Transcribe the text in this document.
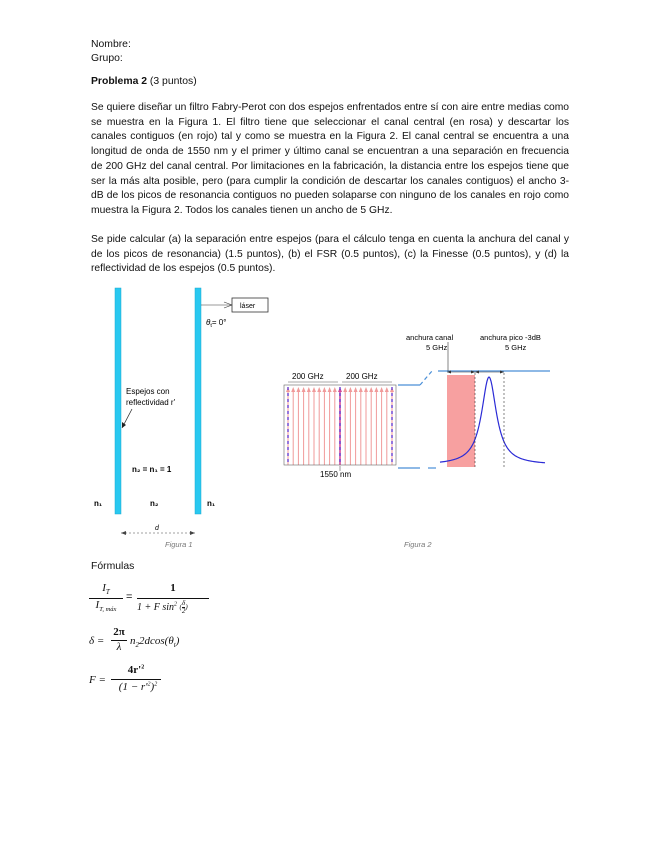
Nombre:
Grupo:
Problema 2 (3 puntos)
Se quiere diseñar un filtro Fabry-Perot con dos espejos enfrentados entre sí con aire entre medias como se muestra en la Figura 1. El filtro tiene que seleccionar el canal central (en rosa) y descartar los canales contiguos (en rojo) tal y como se muestra en la Figura 2. El canal central se encuentra a una longitud de onda de 1550 nm y el primer y último canal se encuentran a una separación en frecuencia de 200 GHz del canal central. Por limitaciones en la fabricación, la distancia entre los espejos tiene que ser la más alta posible, pero (para cumplir la condición de descartar los canales contiguos) el ancho 3-dB de los picos de resonancia contiguos no pueden solaparse con ninguno de los canales en rojo como muestra la Figura 2. Todos los canales tienen un ancho de 5 GHz.
Se pide calcular (a) la separación entre espejos (para el cálculo tenga en cuenta la anchura del canal y de los picos de resonancia) (1.5 puntos), (b) el FSR (0.5 puntos), (c) la Finesse (0.5 puntos), y (d) la reflectividad de los espejos (0.5 puntos).
láser
$\theta_t= 0^\circ$
Espejos con
reflectividad r'
n₂ = n₁ = 1
n₁	n₂	n₁
d
Figura 1
200 GHz	200 GHz
1550 nm
anchura canal
5 GHz
anchura pico -3dB
5 GHz
Figura 2
Fórmulas
$I_T$
$I_{T, máx}$
=
1
1 + F $\sin^2$ ( $\frac{\delta}{2}$ )
δ =
2π
λ $n_22dcos(\theta_t)$
F =
$4r'^2$
$(1 - r'^2)^2$
